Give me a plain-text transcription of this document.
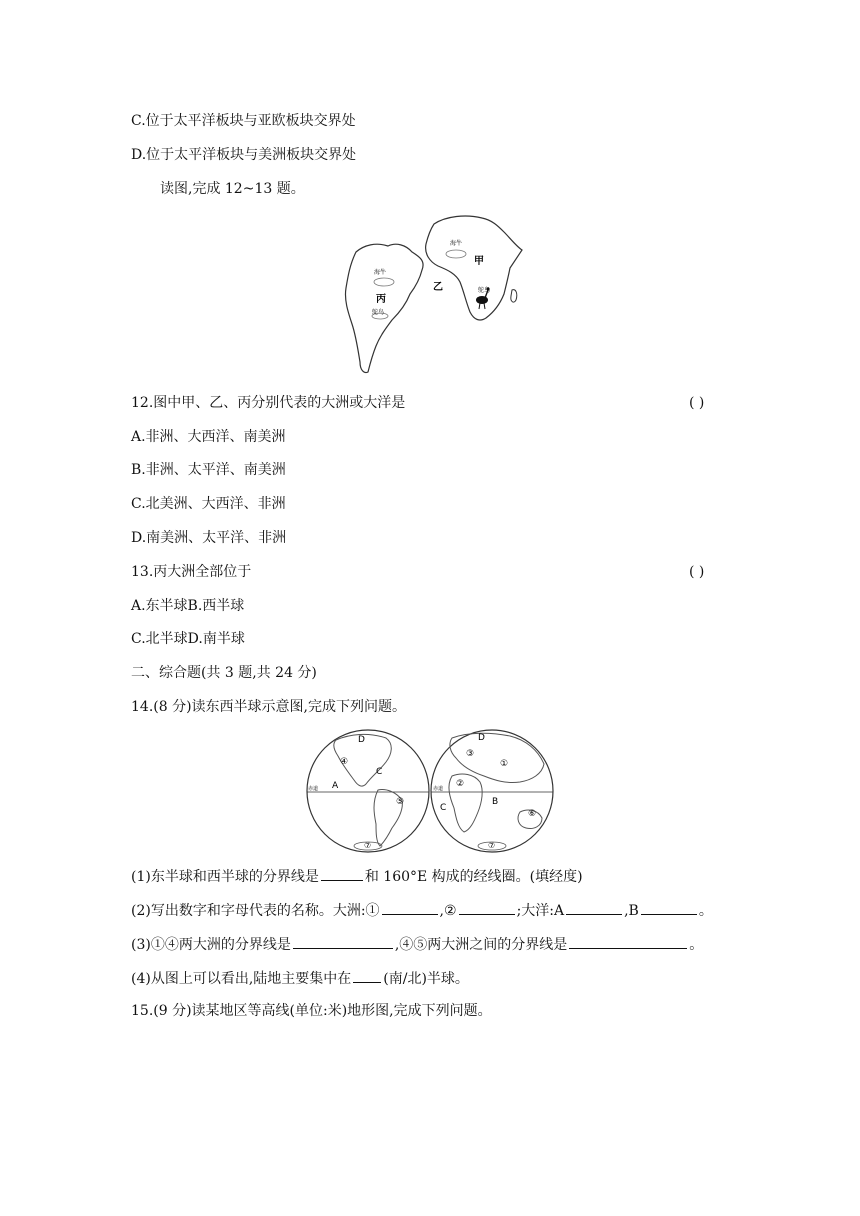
C.位于太平洋板块与亚欧板块交界处
D.位于太平洋板块与美洲板块交界处
读图,完成 12~13 题。
甲
乙
丙
海牛
鸵鸟
海牛
鸵鸟
12.图中甲、乙、丙分别代表的大洲或大洋是	( )
A.非洲、大西洋、南美洲
B.非洲、太平洋、南美洲
C.北美洲、大西洋、非洲
D.南美洲、太平洋、非洲
13.丙大洲全部位于	( )
A.东半球B.西半球
C.北半球D.南半球
二、综合题(共 3 题,共 24 分)
14.(8 分)读东西半球示意图,完成下列问题。
赤道	赤道
D
④
C
A
⑤
⑦
D
③
①
②
C
B
⑥
⑦
(1)东半球和西半球的分界线是	和 160°E 构成的经线圈。(填经度)
(2)写出数字和字母代表的名称。大洲:①	,②	;大洋:A	,B	。
(3)①④两大洲的分界线是	,④⑤两大洲之间的分界线是	。
(4)从图上可以看出,陆地主要集中在 (南/北)半球。
15.(9 分)读某地区等高线(单位:米)地形图,完成下列问题。
